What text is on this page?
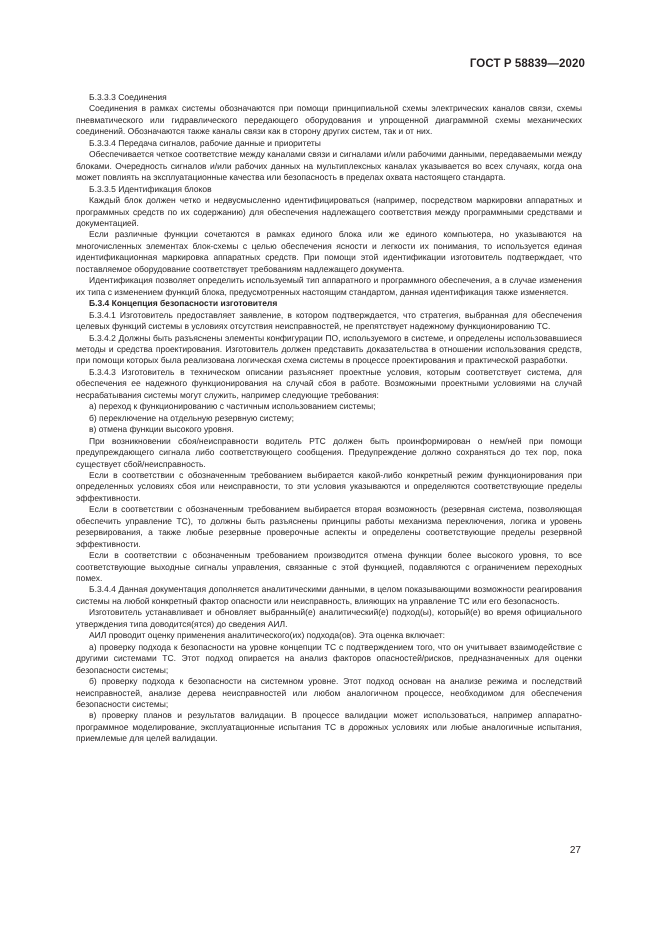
ГОСТ Р 58839—2020

Б.3.3.3 Соединения

Соединения в рамках системы обозначаются при помощи принципиальной схемы электрических каналов связи, схемы пневматического или гидравлического передающего оборудования и упрощенной диаграммной схемы механических соединений. Обозначаются также каналы связи как в сторону других систем, так и от них.

Б.3.3.4 Передача сигналов, рабочие данные и приоритеты

Обеспечивается четкое соответствие между каналами связи и сигналами и/или рабочими данными, передаваемыми между блоками. Очередность сигналов и/или рабочих данных на мультиплексных каналах указывается во всех случаях, когда она может повлиять на эксплуатационные качества или безопасность в пределах охвата настоящего стандарта.

Б.3.3.5 Идентификация блоков

Каждый блок должен четко и недвусмысленно идентифицироваться (например, посредством маркировки аппаратных и программных средств по их содержанию) для обеспечения надлежащего соответствия между программными средствами и документацией.

Если различные функции сочетаются в рамках единого блока или же единого компьютера, но указываются на многочисленных элементах блок-схемы с целью обеспечения ясности и легкости их понимания, то используется единая идентификационная маркировка аппаратных средств. При помощи этой идентификации изготовитель подтверждает, что поставляемое оборудование соответствует требованиям надлежащего документа.

Идентификация позволяет определить используемый тип аппаратного и программного обеспечения, а в случае изменения их типа с изменением функций блока, предусмотренных настоящим стандартом, данная идентификация также изменяется.

Б.3.4 Концепция безопасности изготовителя

Б.3.4.1 Изготовитель предоставляет заявление, в котором подтверждается, что стратегия, выбранная для обеспечения целевых функций системы в условиях отсутствия неисправностей, не препятствует надежному функционированию ТС.

Б.3.4.2 Должны быть разъяснены элементы конфигурации ПО, используемого в системе, и определены использовавшиеся методы и средства проектирования. Изготовитель должен представить доказательства в отношении использования средств, при помощи которых была реализована логическая схема системы в процессе проектирования и практической разработки.

Б.3.4.3 Изготовитель в техническом описании разъясняет проектные условия, которым соответствует система, для обеспечения ее надежного функционирования на случай сбоя в работе. Возможными проектными условиями на случай несрабатывания системы могут служить, например следующие требования:

а) переход к функционированию с частичным использованием системы;

б) переключение на отдельную резервную систему;

в) отмена функции высокого уровня.

При возникновении сбоя/неисправности водитель РТС должен быть проинформирован о нем/ней при помощи предупреждающего сигнала либо соответствующего сообщения. Предупреждение должно сохраняться до тех пор, пока существует сбой/неисправность.

Если в соответствии с обозначенным требованием выбирается какой-либо конкретный режим функционирования при определенных условиях сбоя или неисправности, то эти условия указываются и определяются соответствующие пределы эффективности.

Если в соответствии с обозначенным требованием выбирается вторая возможность (резервная система, позволяющая обеспечить управление ТС), то должны быть разъяснены принципы работы механизма переключения, логика и уровень резервирования, а также любые резервные проверочные аспекты и определены соответствующие пределы резервной эффективности.

Если в соответствии с обозначенным требованием производится отмена функции более высокого уровня, то все соответствующие выходные сигналы управления, связанные с этой функцией, подавляются с ограничением переходных помех.

Б.3.4.4 Данная документация дополняется аналитическими данными, в целом показывающими возможности реагирования системы на любой конкретный фактор опасности или неисправность, влияющих на управление ТС или его безопасность.

Изготовитель устанавливает и обновляет выбранный(е) аналитический(е) подход(ы), который(е) во время официального утверждения типа доводится(ятся) до сведения АИЛ.

АИЛ проводит оценку применения аналитического(их) подхода(ов). Эта оценка включает:

а) проверку подхода к безопасности на уровне концепции ТС с подтверждением того, что он учитывает взаимодействие с другими системами ТС. Этот подход опирается на анализ факторов опасностей/рисков, предназначенных для оценки безопасности системы;

б) проверку подхода к безопасности на системном уровне. Этот подход основан на анализе режима и последствий неисправностей, анализе дерева неисправностей или любом аналогичном процессе, необходимом для обеспечения безопасности системы;

в) проверку планов и результатов валидации. В процессе валидации может использоваться, например аппаратно-программное моделирование, эксплуатационные испытания ТС в дорожных условиях или любые аналогичные испытания, приемлемые для целей валидации.

27
